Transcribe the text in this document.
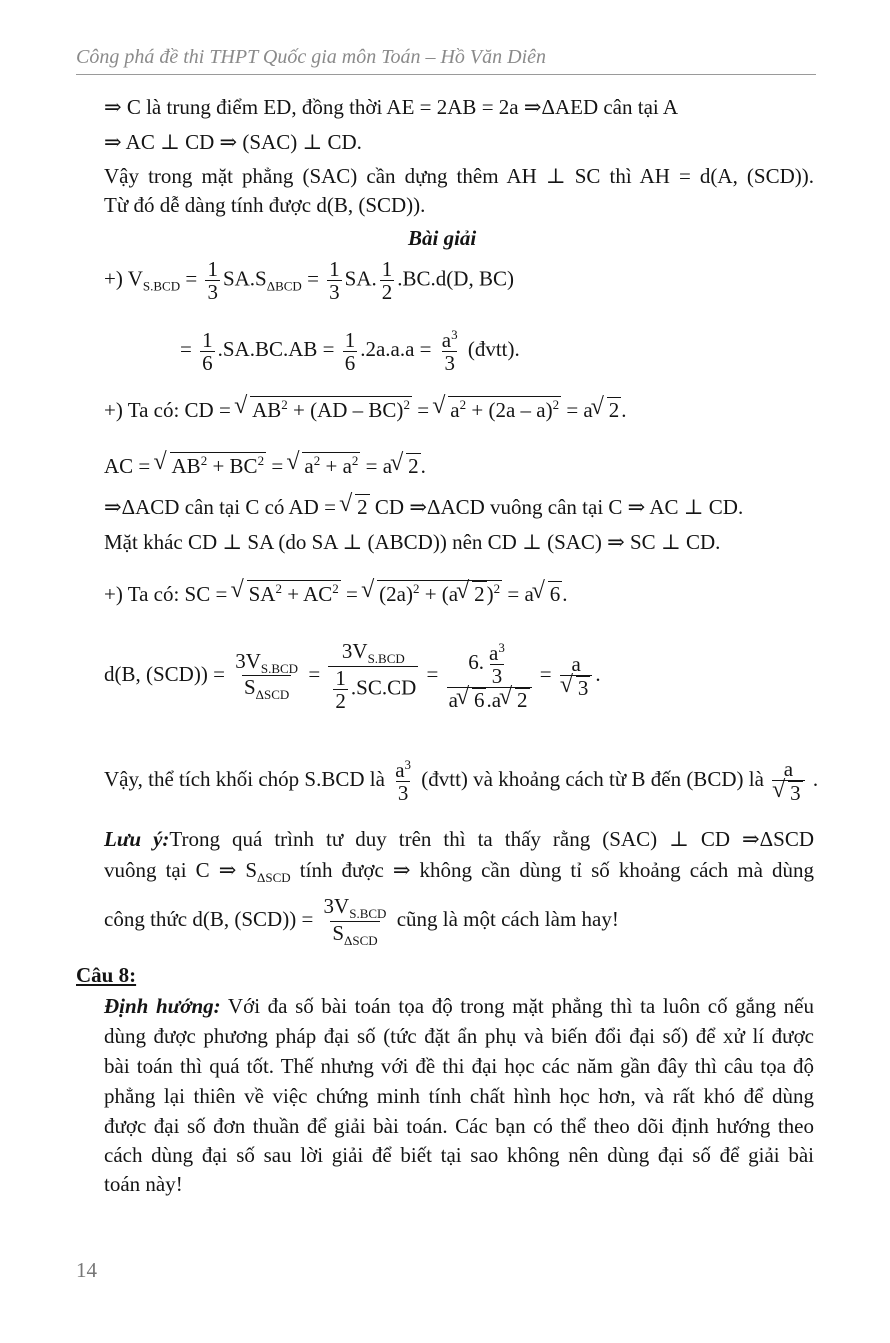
Công phá đề thi THPT Quốc gia môn Toán – Hồ Văn Diên
⇒ C là trung điểm ED, đồng thời AE = 2AB = 2a ⇒ΔAED cân tại A
⇒ AC ⊥ CD ⇒ (SAC) ⊥ CD.
Vậy trong mặt phẳng (SAC) cần dựng thêm AH ⊥ SC thì AH = d(A, (SCD)).
Từ đó dễ dàng tính được d(B, (SCD)).
Bài giải
+) $V_{S.BCD} = \frac{1}{3} SA.S_{\Delta BCD} = \frac{1}{3}$ SA. $\frac{1}{2} .BC.d(D$, BC)
= $\frac{1}{6} .SA.BC.AB = \frac{1}{6} .2a.a.a = \frac{a^3}{3}$ (đvtt).
+) Ta có: CD = √ $AB^2 + (AD - BC)^2$ = √ $a^2 + (2a - a)^2 = a$ √ 2.
AC = √ $AB^2 + BC^2$ = √ $a^2 + a^2 = a$ √ 2.
⇒ΔACD cân tại C có AD = √ 2 CD ⇒ΔACD vuông cân tại C ⇒ AC ⊥ CD.
Mặt khác CD ⊥ SA (do SA ⊥ (ABCD)) nên CD ⊥ (SAC) ⇒ SC ⊥ CD.
+) Ta có: SC = √ $SA^2 + AC^2$ = √ $(2a)^2 + (a$ √ 2)$^2$ = a √ 6.
d(B, $(SCD)) = \frac{3V_{S.BCD}}{S_{\Delta SCD}} = \frac{3V_{S.BCD}}{\frac{1}{2} .SC.CD} = \frac{6. \frac{a^3}{3}}{a √ 6.a √ 2} = a$
√ 3 .
Vậy, thể tích khối chóp S.BCD là $\frac{a^3}{3}$ (đvtt) và khoảng cách từ B đến (BCD) là a
√ 3 .
Lưu ý:Trong quá trình tư duy trên thì ta thấy rằng (SAC) ⊥ CD ⇒ΔSCD
vuông tại C ⇒ $S_{\Delta SCD}$ tính được ⇒ không cần dùng tỉ số khoảng cách mà dùng
công thức d(B, $(SCD)) = \frac{3V_{S.BCD}}{S_{\Delta SCD}}$ cũng là một cách làm hay!
Câu 8:
Định hướng: Với đa số bài toán tọa độ trong mặt phẳng thì ta luôn cố gắng nếu
dùng được phương pháp đại số (tức đặt ẩn phụ và biến đổi đại số) để xử lí được
bài toán thì quá tốt. Thế nhưng với đề thi đại học các năm gần đây thì câu tọa độ
phẳng lại thiên về việc chứng minh tính chất hình học hơn, và rất khó để dùng
được đại số đơn thuần để giải bài toán. Các bạn có thể theo dõi định hướng theo
cách dùng đại số sau lời giải để biết tại sao không nên dùng đại số để giải bài
toán này!
14
